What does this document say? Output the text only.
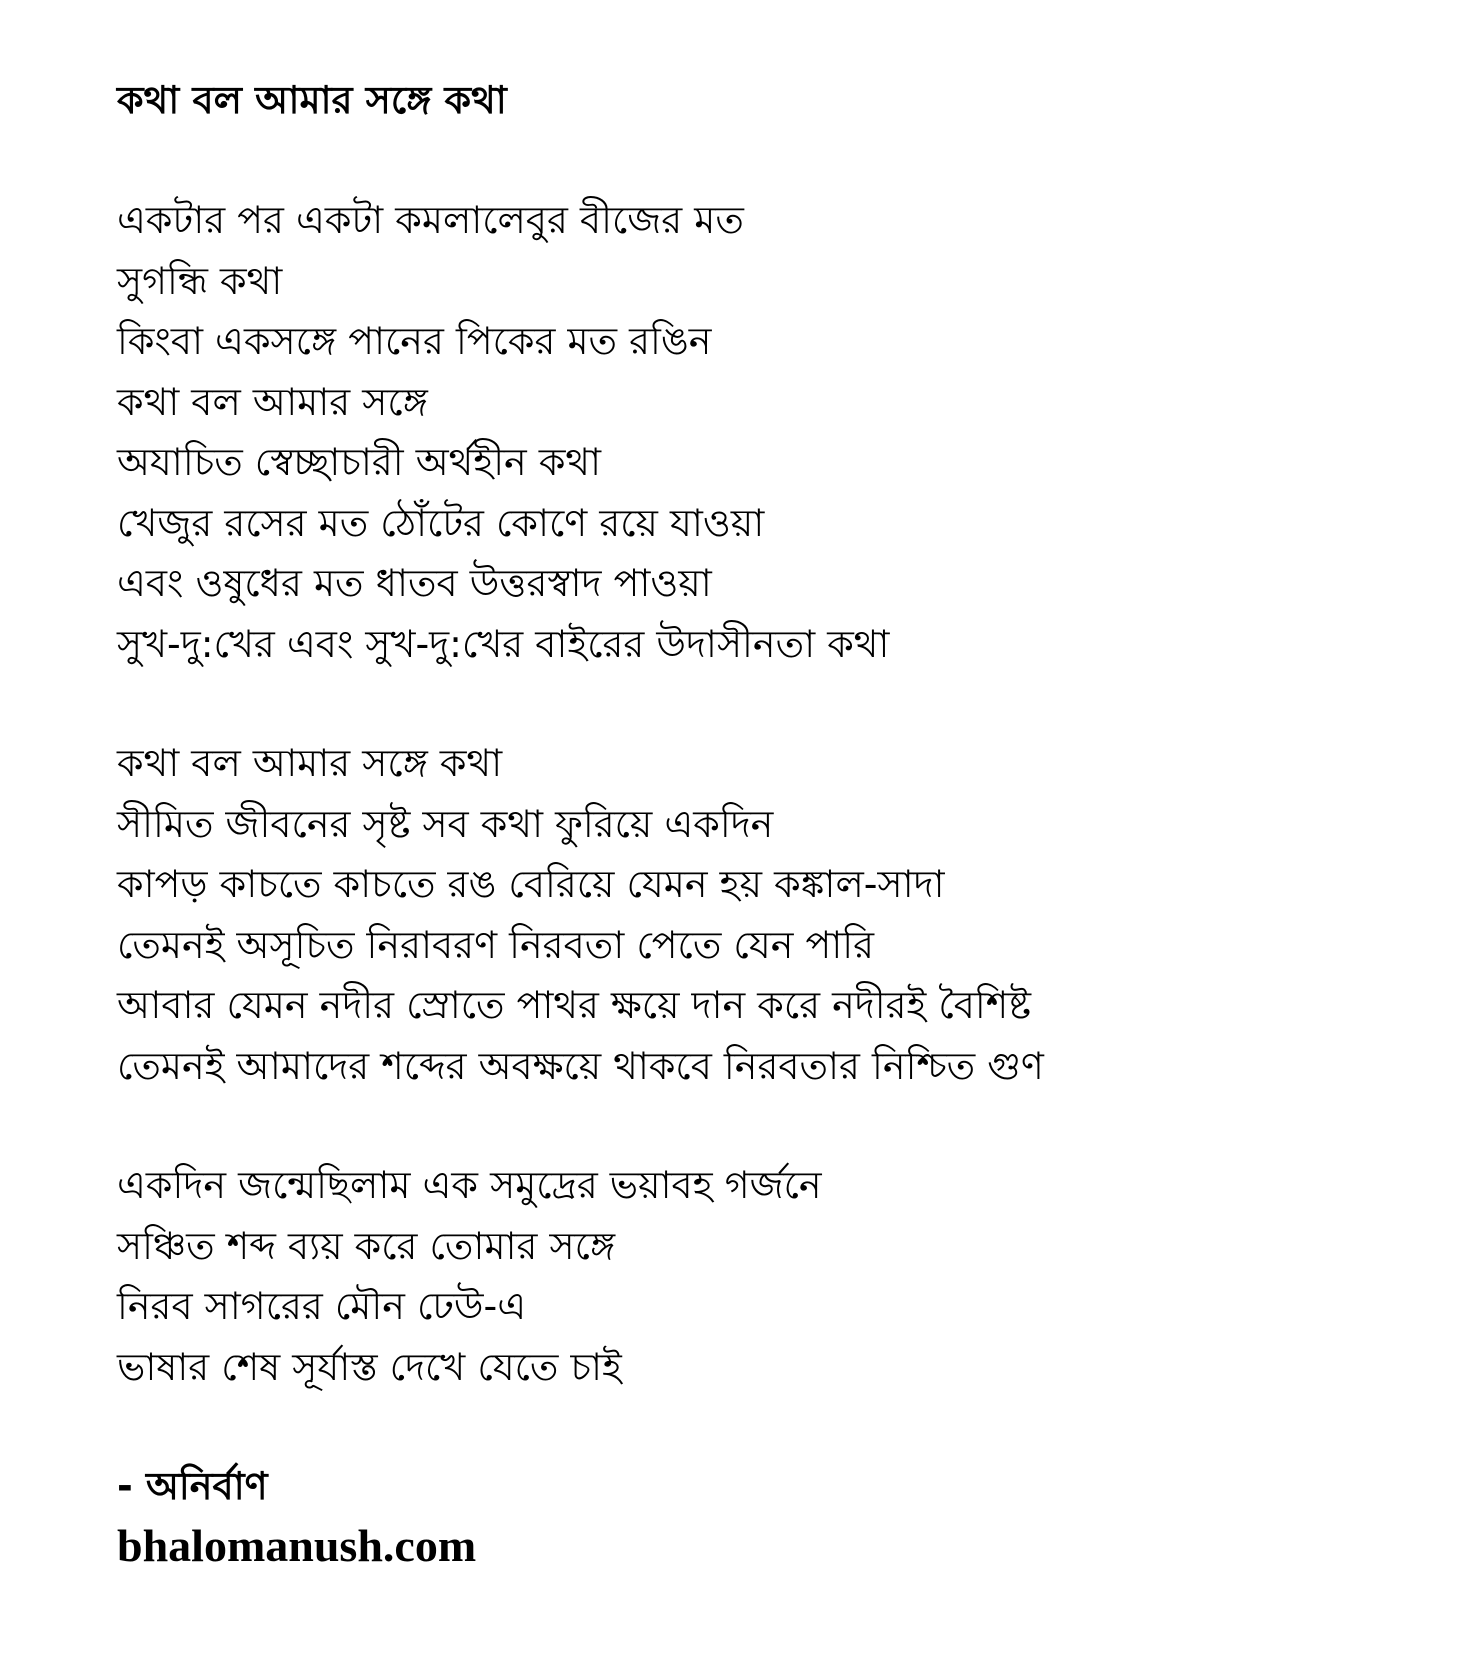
কথা বল আমার সঙ্গে কথা
একটার পর একটা কমলালেবুর বীজের মত
সুগন্ধি কথা
কিংবা একসঙ্গে পানের পিকের মত রঙিন
কথা বল আমার সঙ্গে
অযাচিত স্বেচ্ছাচারী অর্থহীন কথা
খেজুর রসের মত ঠোঁটের কোণে রয়ে যাওয়া
এবং ওষুধের মত ধাতব উত্তরস্বাদ পাওয়া
সুখ-দু:খের এবং সুখ-দু:খের বাইরের উদাসীনতা কথা
কথা বল আমার সঙ্গে কথা
সীমিত জীবনের সৃষ্ট সব কথা ফুরিয়ে একদিন
কাপড় কাচতে কাচতে রঙ বেরিয়ে যেমন হয় কঙ্কাল-সাদা
তেমনই অসূচিত নিরাবরণ নিরবতা পেতে যেন পারি
আবার যেমন নদীর স্রোতে পাথর ক্ষয়ে দান করে নদীরই বৈশিষ্ট
তেমনই আমাদের শব্দের অবক্ষয়ে থাকবে নিরবতার নিশ্চিত গুণ
একদিন জন্মেছিলাম এক সমুদ্রের ভয়াবহ গর্জনে
সঞ্চিত শব্দ ব্যয় করে তোমার সঙ্গে
নিরব সাগরের মৌন ঢেউ-এ
ভাষার শেষ সূর্যাস্ত দেখে যেতে চাই
- অনির্বাণ
bhalomanush.com
